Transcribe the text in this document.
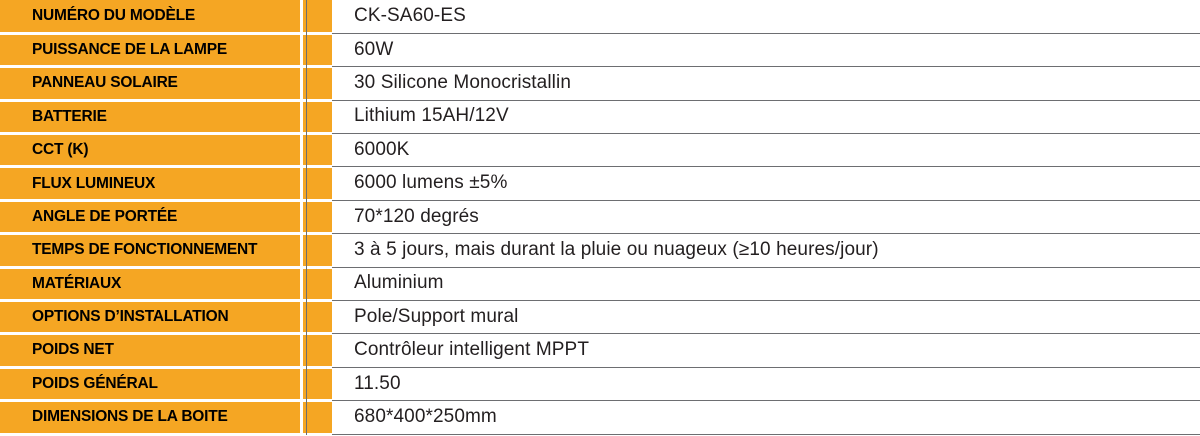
NUMÉRO DU MODÈLE	CK-SA60-ES
PUISSANCE DE LA LAMPE	60W
PANNEAU SOLAIRE	30 Silicone Monocristallin
BATTERIE	Lithium 15AH/12V
CCT (K)	6000K
FLUX LUMINEUX	6000 lumens ±5%
ANGLE DE PORTÉE	70*120 degrés
TEMPS DE FONCTIONNEMENT	3 à 5 jours, mais durant la pluie ou nuageux (≥10 heures/jour)
MATÉRIAUX	Aluminium
OPTIONS D’INSTALLATION	Pole/Support mural
POIDS NET	Contrôleur intelligent MPPT
POIDS GÉNÉRAL	11.50
DIMENSIONS DE LA BOITE	680*400*250mm
